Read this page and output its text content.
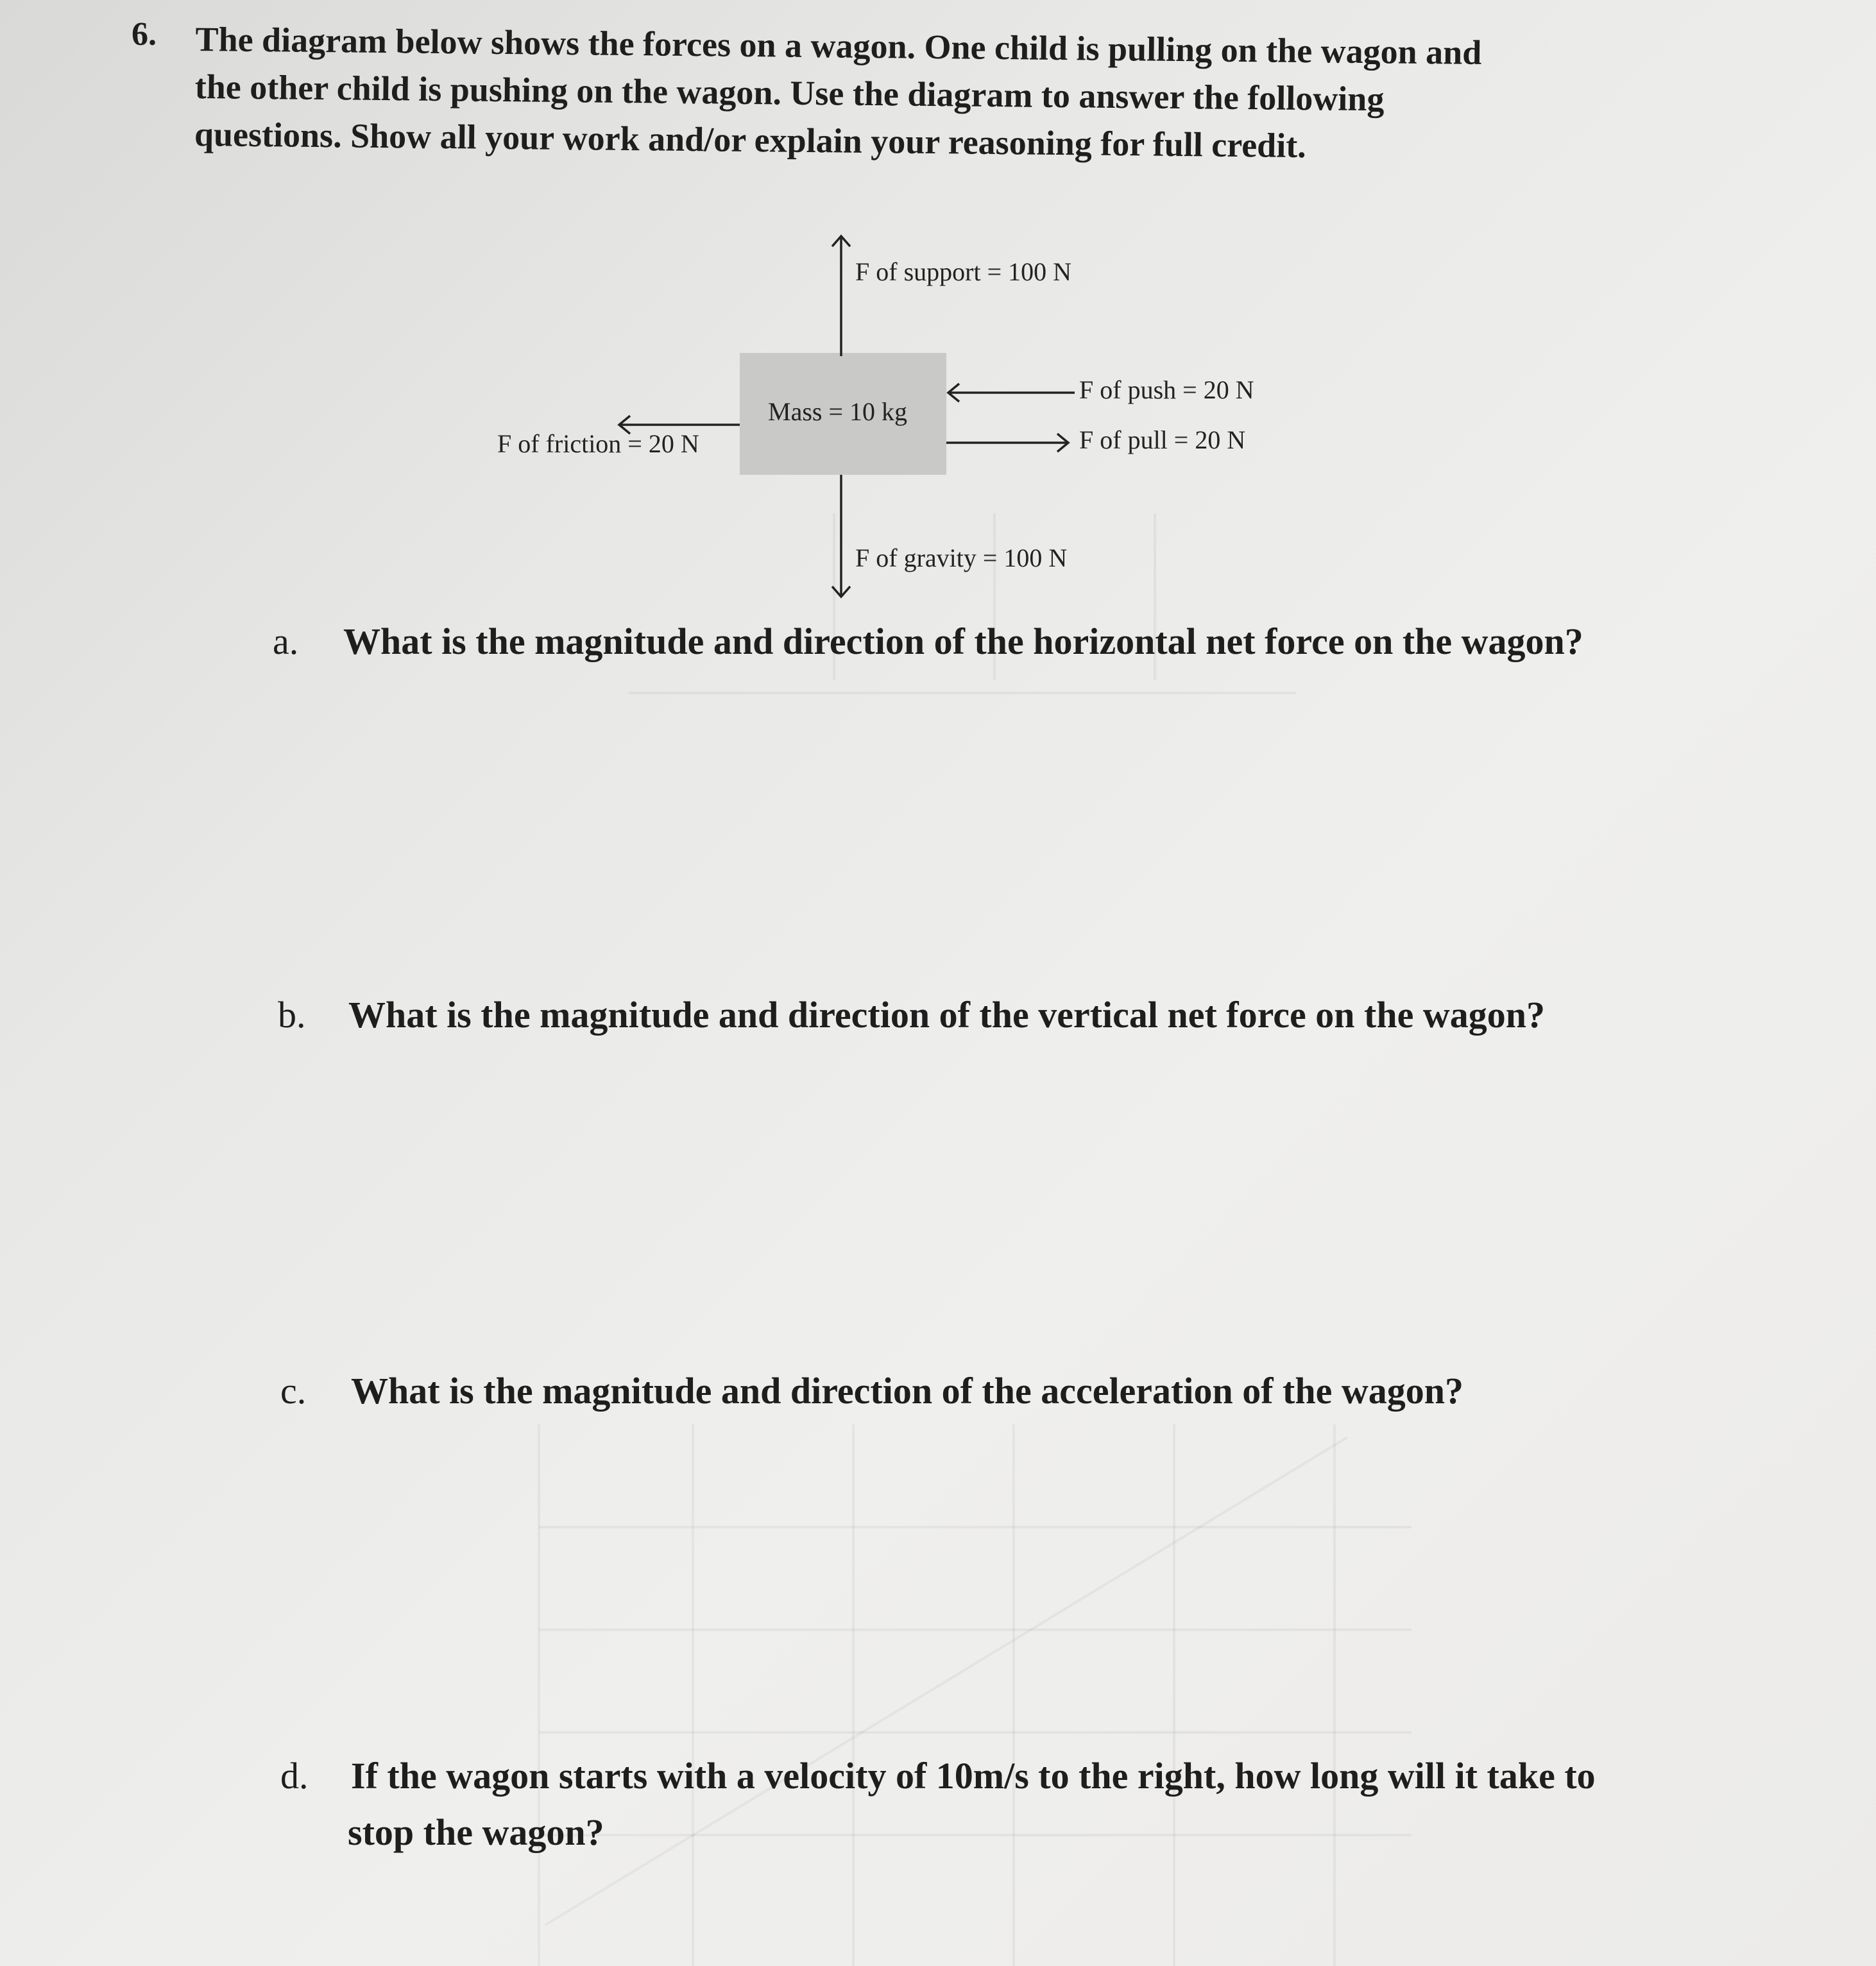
6. The diagram below shows the forces on a wagon. One child is pulling on the wagon and
the other child is pushing on the wagon. Use the diagram to answer the following
questions. Show all your work and/or explain your reasoning for full credit.
F of support = 100 N
Mass = 10 kg
F of friction = 20 N
F of push = 20 N
F of pull = 20 N
F of gravity = 100 N
a. What is the magnitude and direction of the horizontal net force on the wagon?
b. What is the magnitude and direction of the vertical net force on the wagon?
c. What is the magnitude and direction of the acceleration of the wagon?
d. If the wagon starts with a velocity of 10m/s to the right, how long will it take to
stop the wagon?
